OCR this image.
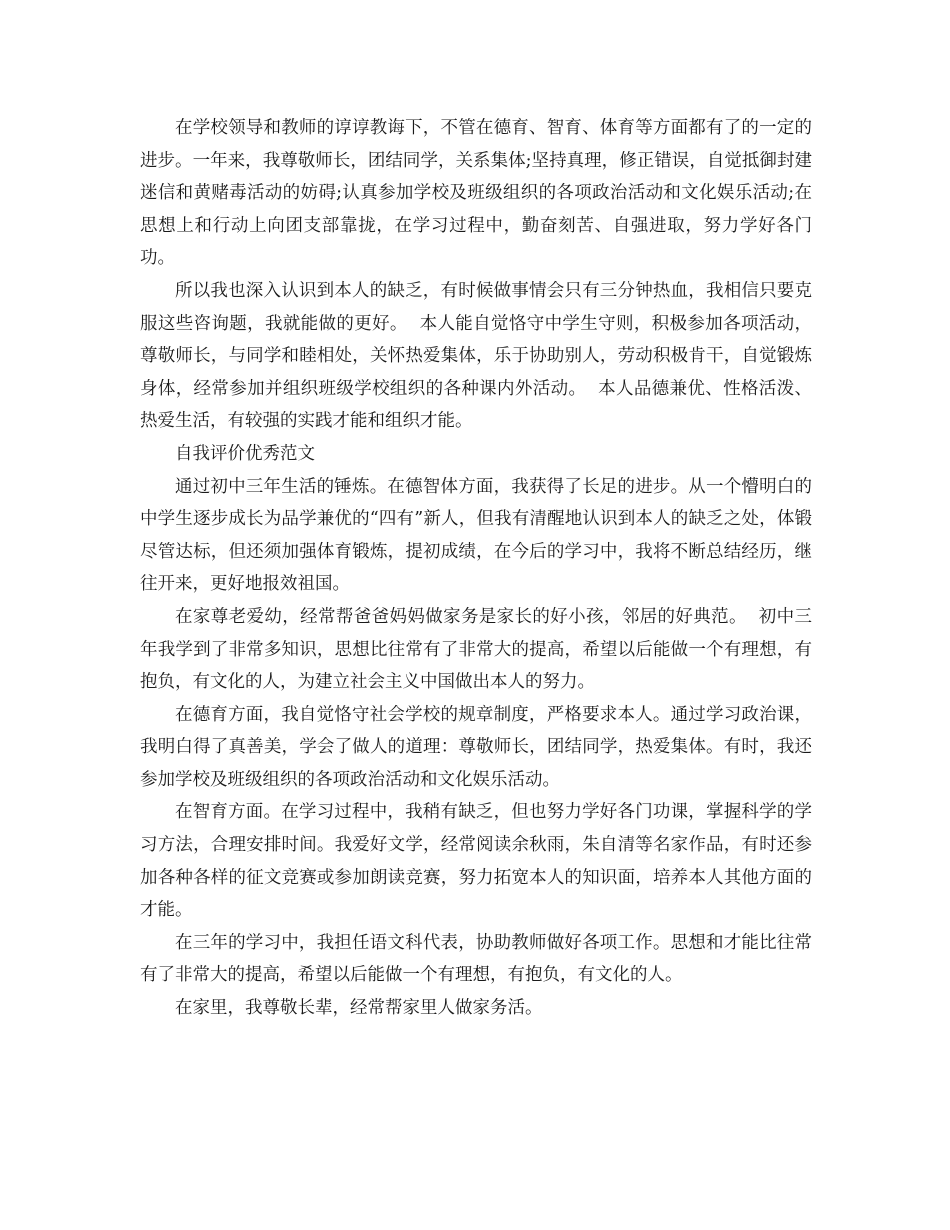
在学校领导和教师的谆谆教诲下，不管在德育、智育、体育等方面都有了的一定的进步。一年来，我尊敬师长，团结同学，关系集体;坚持真理，修正错误，自觉抵御封建迷信和黄赌毒活动的妨碍;认真参加学校及班级组织的各项政治活动和文化娱乐活动;在思想上和行动上向团支部靠拢，在学习过程中，勤奋刻苦、自强进取，努力学好各门功。

所以我也深入认识到本人的缺乏，有时候做事情会只有三分钟热血，我相信只要克服这些咨询题，我就能做的更好。  本人能自觉恪守中学生守则，积极参加各项活动，尊敬师长，与同学和睦相处，关怀热爱集体，乐于协助别人，劳动积极肯干，自觉锻炼身体，经常参加并组织班级学校组织的各种课内外活动。  本人品德兼优、性格活泼、热爱生活，有较强的实践才能和组织才能。

自我评价优秀范文

通过初中三年生活的锤炼。在德智体方面，我获得了长足的进步。从一个懵明白的中学生逐步成长为品学兼优的“四有”新人，但我有清醒地认识到本人的缺乏之处，体锻尽管达标，但还须加强体育锻炼，提初成绩，在今后的学习中，我将不断总结经历，继往开来，更好地报效祖国。

在家尊老爱幼，经常帮爸爸妈妈做家务是家长的好小孩，邻居的好典范。  初中三年我学到了非常多知识，思想比往常有了非常大的提高，希望以后能做一个有理想，有抱负，有文化的人，为建立社会主义中国做出本人的努力。

在德育方面，我自觉恪守社会学校的规章制度，严格要求本人。通过学习政治课，我明白得了真善美，学会了做人的道理：尊敬师长，团结同学，热爱集体。有时，我还参加学校及班级组织的各项政治活动和文化娱乐活动。

在智育方面。在学习过程中，我稍有缺乏，但也努力学好各门功课，掌握科学的学习方法，合理安排时间。我爱好文学，经常阅读余秋雨，朱自清等名家作品，有时还参加各种各样的征文竞赛或参加朗读竞赛，努力拓宽本人的知识面，培养本人其他方面的才能。

在三年的学习中，我担任语文科代表，协助教师做好各项工作。思想和才能比往常有了非常大的提高，希望以后能做一个有理想，有抱负，有文化的人。

在家里，我尊敬长辈，经常帮家里人做家务活。
